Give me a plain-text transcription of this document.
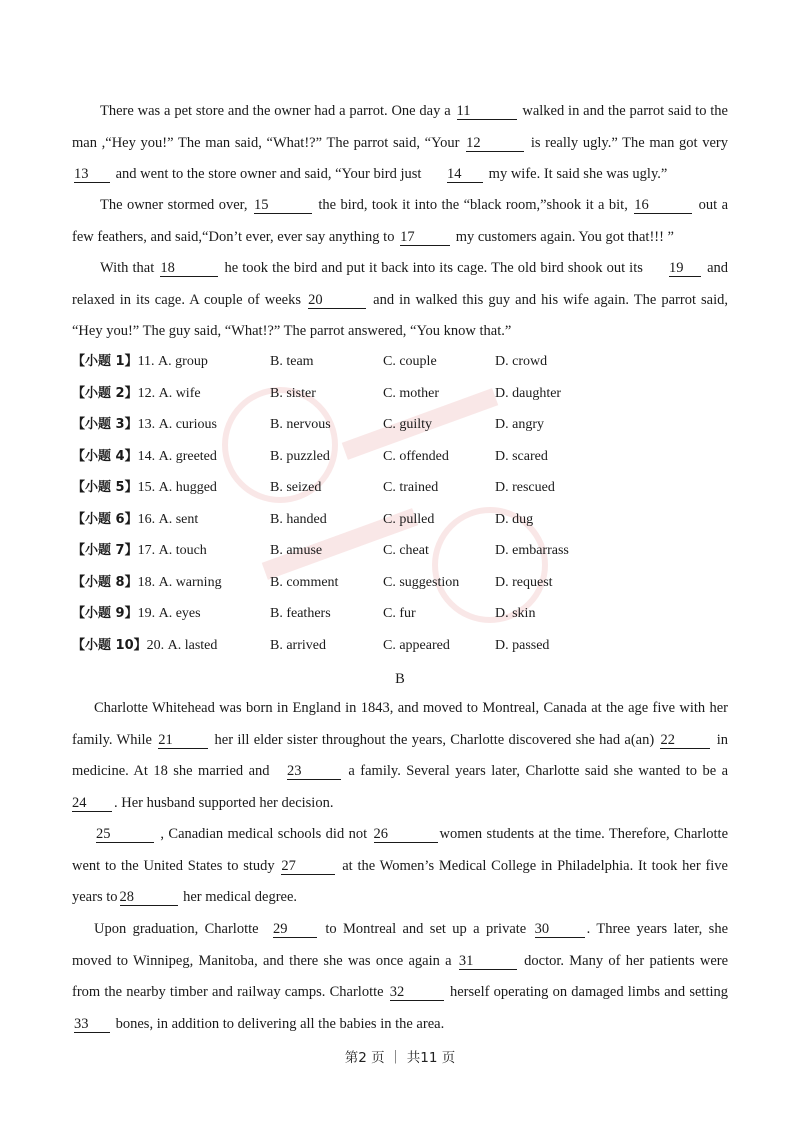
There was a pet store and the owner had a parrot. One day a 11	walked in and the parrot said to the man ,“Hey you!” The man said, “What!?” The parrot said, “Your 12	is really ugly.” The man got very 13 and went to the store owner and said, “Your bird just 14 my wife. It said she was ugly.”

The owner stormed over, 15	the bird, took it into the “black room,”shook it a bit, 16	out a few feathers, and said,“Don’t ever, ever say anything to 17	my customers again. You got that!!! ”

With that 18	he took the bird and put it back into its cage. The old bird shook out its 19 and relaxed in its cage. A couple of weeks 20	and in walked this guy and his wife again. The parrot said, “Hey you!” The guy said, “What!?” The parrot answered, “You know that.”

【小题 1】11. A. group	B. team	C. couple	D. crowd
【小题 2】12. A. wife	B. sister	C. mother	D. daughter
【小题 3】13. A. curious	B. nervous	C. guilty	D. angry
【小题 4】14. A. greeted	B. puzzled	C. offended	D. scared
【小题 5】15. A. hugged	B. seized	C. trained	D. rescued
【小题 6】16. A. sent	B. handed	C. pulled	D. dug
【小题 7】17. A. touch	B. amuse	C. cheat	D. embarrass
【小题 8】18. A. warning	B. comment	C. suggestion	D. request
【小题 9】19. A. eyes	B. feathers	C. fur	D. skin
【小题 10】20. A. lasted	B. arrived	C. appeared	D. passed
B

Charlotte Whitehead was born in England in 1843, and moved to Montreal, Canada at the age five with her family. While 21	her ill elder sister throughout the years, Charlotte discovered she had a(an) 22	in medicine. At 18 she married and 23	a family. Several years later, Charlotte said she wanted to be a 24 . Her husband supported her decision.

25	, Canadian medical schools did not 26	women students at the time. Therefore, Charlotte went to the United States to study 27	at the Women’s Medical College in Philadelphia. It took her five years to 28	her medical degree.

Upon graduation, Charlotte 29	to Montreal and set up a private 30	. Three years later, she moved to Winnipeg, Manitoba, and there she was once again a 31	doctor. Many of her patients were from the nearby timber and railway camps. Charlotte 32	herself operating on damaged limbs and setting 33 bones, in addition to delivering all the babies in the area.

第2 页 ｜ 共11 页
